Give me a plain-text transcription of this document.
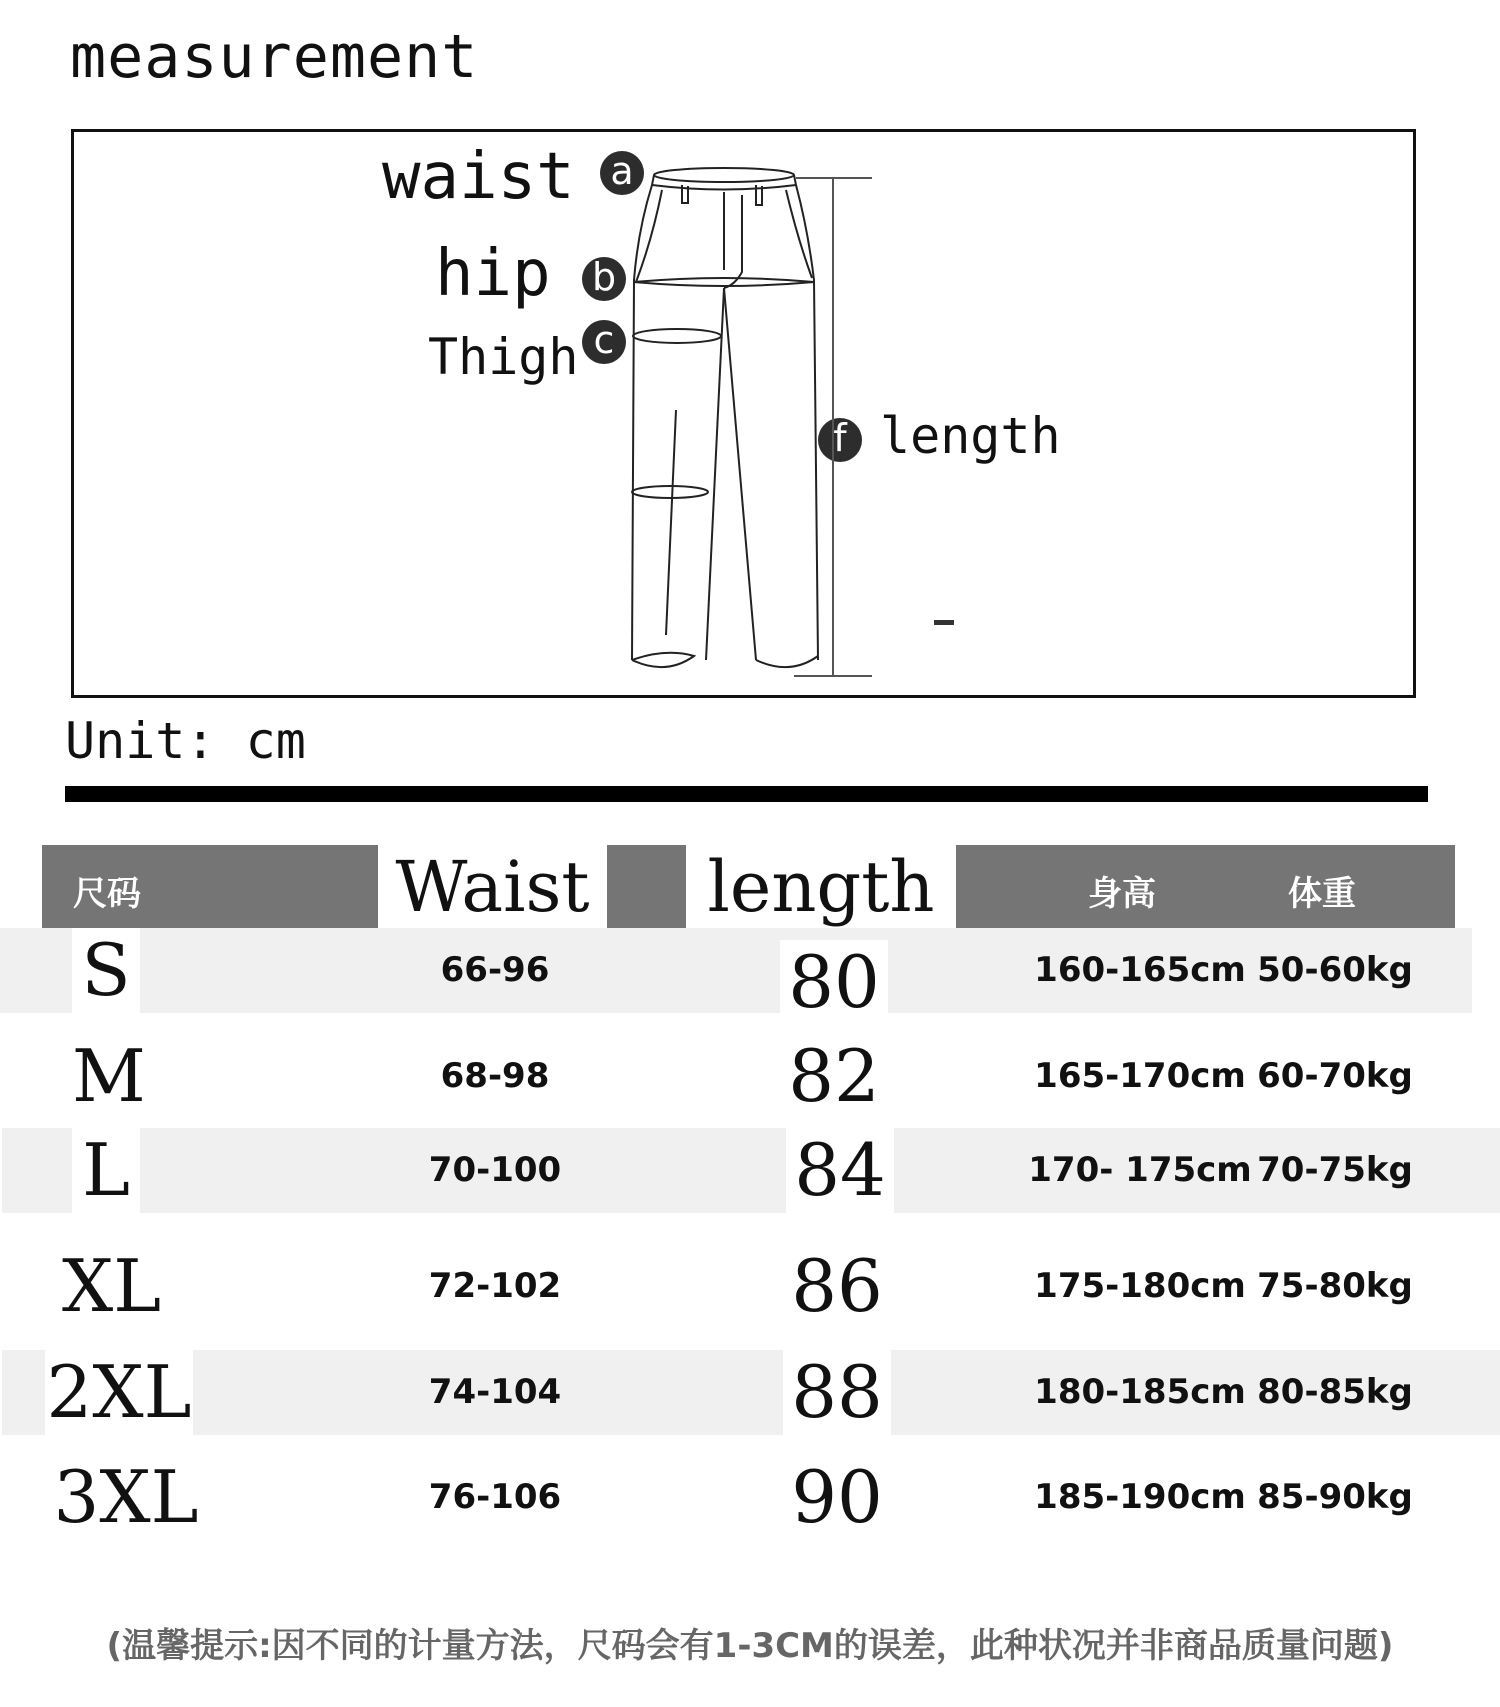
measurement
waist a
hip b
Thigh c
length
f
Unit: cm
尺码	Waist	length	身高	体重
S	66-96	80	160-165cm 50-60kg
M	68-98	82	165-170cm 60-70kg
L	70-100	84	170- 175cm 70-75kg
XL	72-102	86	175-180cm 75-80kg
2XL	74-104	88	180-185cm 80-85kg
3XL	76-106	90	185-190cm 85-90kg
(温馨提示:因不同的计量方法，尺码会有1-3CM的误差，此种状况并非商品质量问题)
